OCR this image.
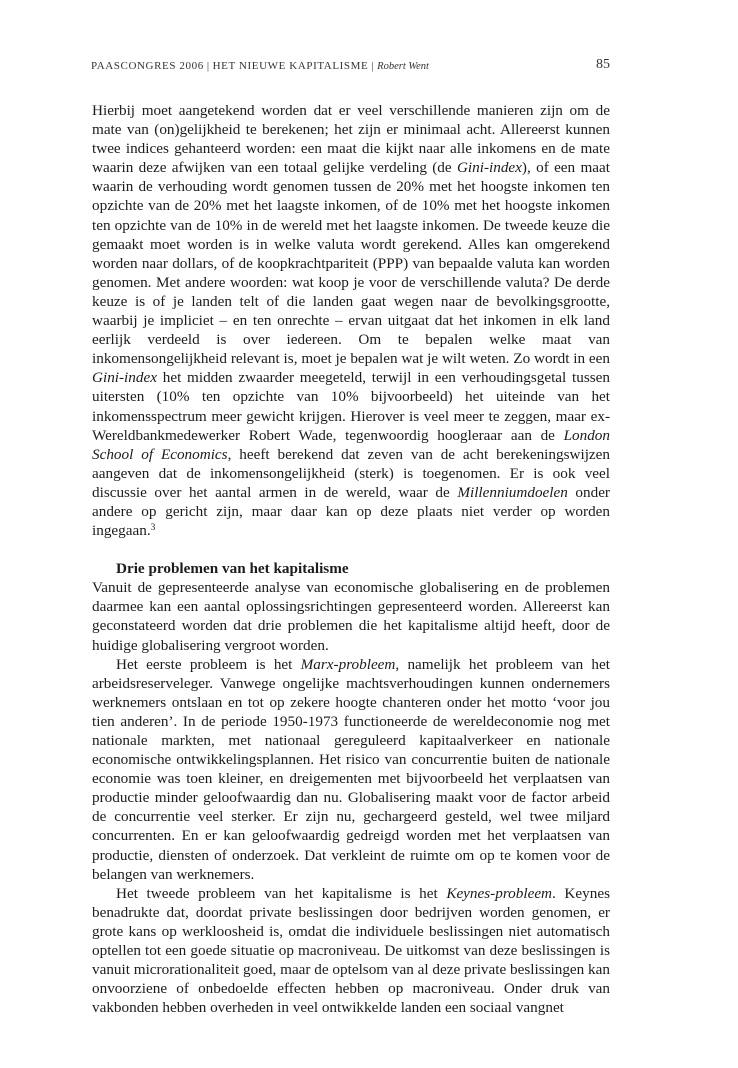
PAASCONGRES 2006 | HET NIEUWE KAPITALISME | Robert Went	85

Hierbij moet aangetekend worden dat er veel verschillende manieren zijn om de mate van (on)gelijkheid te berekenen; het zijn er minimaal acht. Allereerst kunnen twee indices gehanteerd worden: een maat die kijkt naar alle inkomens en de mate waarin deze afwijken van een totaal gelijke verdeling (de Gini-index), of een maat waarin de verhouding wordt genomen tussen de 20% met het hoogste inkomen ten opzichte van de 20% met het laagste inkomen, of de 10% met het hoogste inkomen ten opzichte van de 10% in de wereld met het laagste inkomen. De tweede keuze die gemaakt moet worden is in welke valuta wordt gerekend. Alles kan omgerekend worden naar dollars, of de koopkrachtpariteit (PPP) van bepaalde valuta kan worden genomen. Met andere woorden: wat koop je voor de verschillende valuta? De derde keuze is of je landen telt of die landen gaat wegen naar de bevolkingsgrootte, waarbij je impliciet – en ten onrechte – ervan uitgaat dat het inkomen in elk land eerlijk verdeeld is over iedereen. Om te bepalen welke maat van inkomensongelijkheid relevant is, moet je bepalen wat je wilt weten. Zo wordt in een Gini-index het midden zwaarder meegeteld, terwijl in een verhoudingsgetal tussen uitersten (10% ten opzichte van 10% bijvoorbeeld) het uiteinde van het inkomensspectrum meer gewicht krijgen. Hierover is veel meer te zeggen, maar ex-Wereldbankmedewerker Robert Wade, tegenwoordig hoogleraar aan de London School of Economics, heeft berekend dat zeven van de acht berekeningswijzen aangeven dat de inkomensongelijkheid (sterk) is toegenomen. Er is ook veel discussie over het aantal armen in de wereld, waar de Millenniumdoelen onder andere op gericht zijn, maar daar kan op deze plaats niet verder op worden ingegaan.$^3$

Drie problemen van het kapitalisme

Vanuit de gepresenteerde analyse van economische globalisering en de problemen daarmee kan een aantal oplossingsrichtingen gepresenteerd worden. Allereerst kan geconstateerd worden dat drie problemen die het kapitalisme altijd heeft, door de huidige globalisering vergroot worden.

Het eerste probleem is het Marx-probleem, namelijk het probleem van het arbeidsreserveleger. Vanwege ongelijke machtsverhoudingen kunnen ondernemers werknemers ontslaan en tot op zekere hoogte chanteren onder het motto ‘voor jou tien anderen’. In de periode 1950-1973 functioneerde de wereldeconomie nog met nationale markten, met nationaal gereguleerd kapitaalverkeer en nationale economische ontwikkelingsplannen. Het risico van concurrentie buiten de nationale economie was toen kleiner, en dreigementen met bijvoorbeeld het verplaatsen van productie minder geloofwaardig dan nu. Globalisering maakt voor de factor arbeid de concurrentie veel sterker. Er zijn nu, gechargeerd gesteld, wel twee miljard concurrenten. En er kan geloofwaardig gedreigd worden met het verplaatsen van productie, diensten of onderzoek. Dat verkleint de ruimte om op te komen voor de belangen van werknemers.

Het tweede probleem van het kapitalisme is het Keynes-probleem. Keynes benadrukte dat, doordat private beslissingen door bedrijven worden genomen, er grote kans op werkloosheid is, omdat die individuele beslissingen niet automatisch optellen tot een goede situatie op macroniveau. De uitkomst van deze beslissingen is vanuit microrationaliteit goed, maar de optelsom van al deze private beslissingen kan onvoorziene of onbedoelde effecten hebben op macroniveau. Onder druk van vakbonden hebben overheden in veel ontwikkelde landen een sociaal vangnet
